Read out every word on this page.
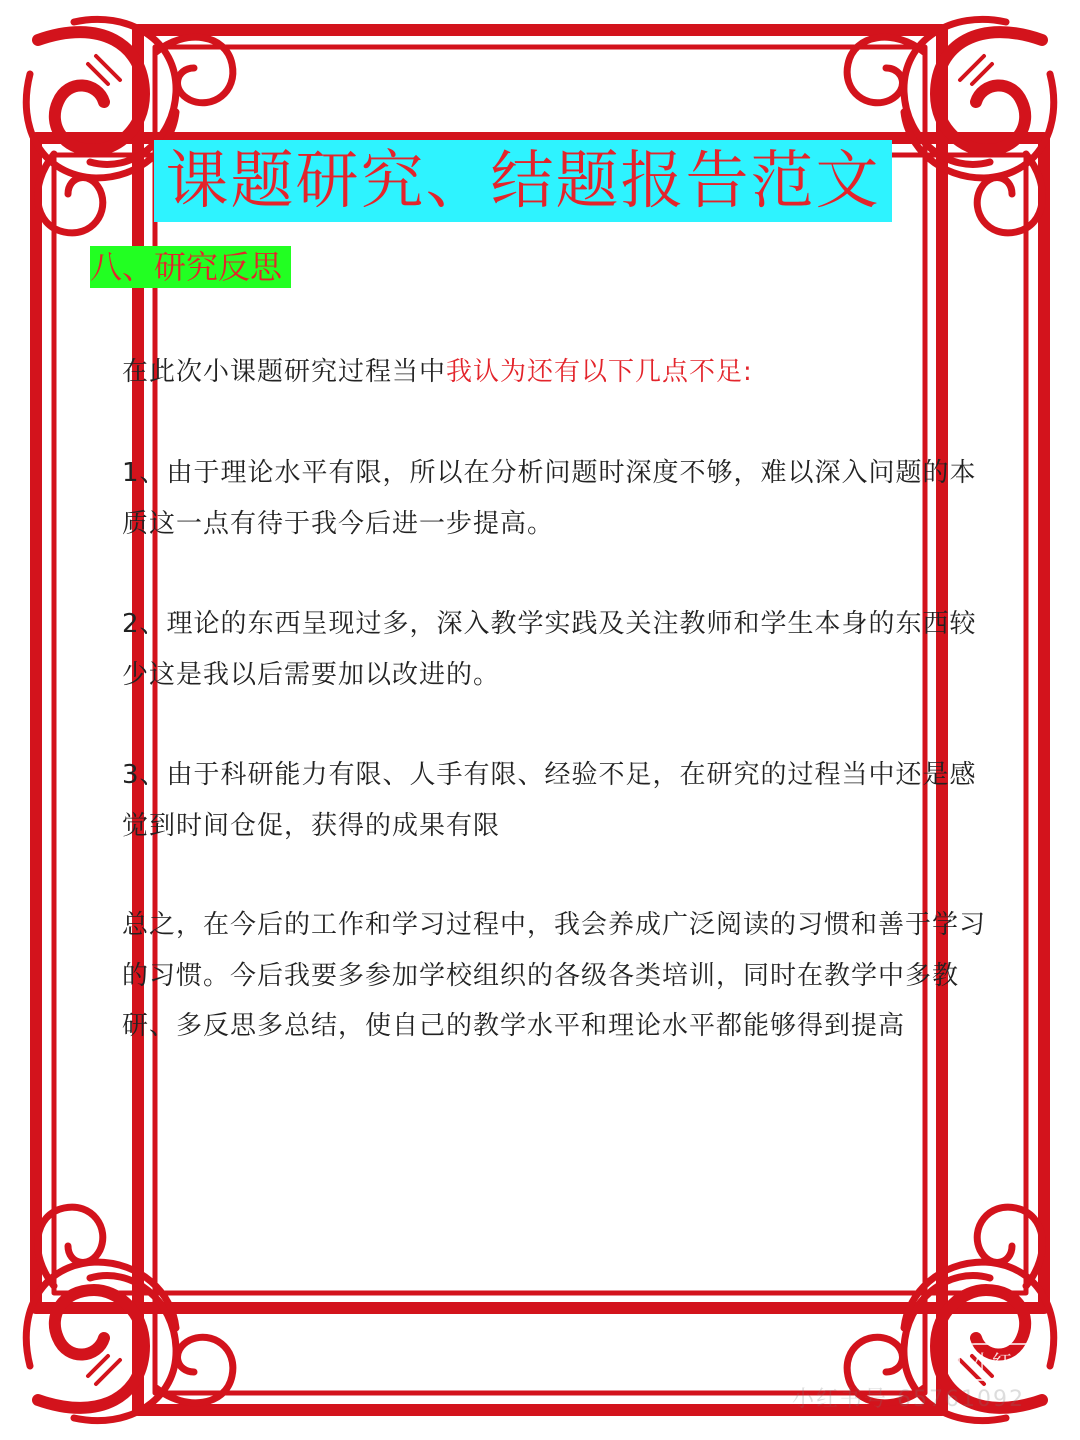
课题研究、结题报告范文
八、研究反思
在此次小课题研究过程当中我认为还有以下几点不足:
1、由于理论水平有限，所以在分析问题时深度不够，难以深入问题的本质这一点有待于我今后进一步提高。
2、理论的东西呈现过多，深入教学实践及关注教师和学生本身的东西较少这是我以后需要加以改进的。
3、由于科研能力有限、人手有限、经验不足，在研究的过程当中还是感觉到时间仓促，获得的成果有限
总之，在今后的工作和学习过程中，我会养成广泛阅读的习惯和善于学习的习惯。今后我要多参加学校组织的各级各类培训，同时在教学中多教研、多反思多总结，使自己的教学水平和理论水平都能够得到提高
小红书
小红书号 65761092
